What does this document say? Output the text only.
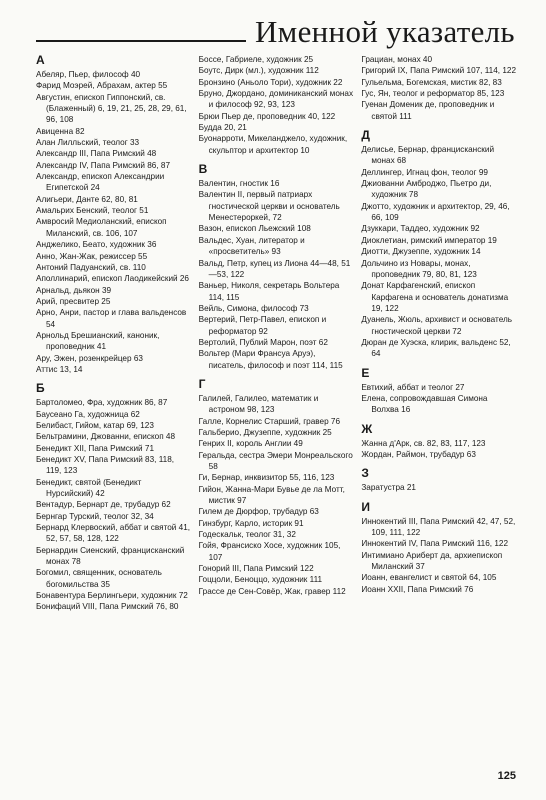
Именной указатель
А
Абеляр, Пьер, философ 40
Фарид Моэрей, Абрахам, актер 55
Августин, епископ Гиппонский, св. (Блаженный) 6, 19, 21, 25, 28, 29, 61, 96, 108
Авиценна 82
Алан Лилльский, теолог 33
Александр III, Папа Римский 48
Александр IV, Папа Римский 86, 87
Александр, епископ Александрии Египетской 24
Алигьери, Данте 62, 80, 81
Амальрих Бенский, теолог 51
Амвросий Медиоланский, епископ Миланский, св. 106, 107
Анджелико, Беато, художник 36
Анно, Жан-Жак, режиссер 55
Антоний Падуанский, св. 110
Аполлинарий, епископ Лаодикейский 26
Арнальд, дьякон 39
Арий, пресвитер 25
Арно, Анри, пастор и глава вальденсов 54
Арнольд Брешианский, каноник, проповедник 41
Ару, Эжен, розенкрейцер 63
Аттис 13, 14
Б
Бартоломео, Фра, художник 86, 87
Баусеано Га, художница 62
Белибаст, Гийом, катар 69, 123
Бельтрамини, Джованни, епископ 48
Бенедикт XII, Папа Римский 71
Бенедикт XV, Папа Римский 83, 118, 119, 123
Бенедикт, святой (Бенедикт Нурсийский) 42
Вентадур, Бернарт де, трубадур 62
Бернгар Турский, теолог 32, 34
Бернард Клервоский, аббат и святой 41, 52, 57, 58, 128, 122
Бернардин Сиенский, францисканский монах 78
Богомил, священник, основатель богомильства 35
Бонавентура Берлингьери, художник 72
Бонифаций VIII, Папа Римский 76, 80
Боссе, Габриеле, художник 25
Боутс, Дирк (мл.), художник 112
Бронзино (Аньоло Тори), художник 22
Бруно, Джордано, доминиканский монах и философ 92, 93, 123
Брюи Пьер де, проповедник 40, 122
Будда 20, 21
Буонарроти, Микеланджело, художник, скульптор и архитектор 10
В
Валентин, гностик 16
Валентин II, первый патриарх гностической церкви и основатель Менестероркей, 72
Вазон, епископ Льежский 108
Вальдес, Хуан, литератор и «просветитель» 93
Вальд, Петр, купец из Лиона 44—48, 51—53, 122
Ваньер, Николя, секретарь Вольтера 114, 115
Вейль, Симона, философ 73
Вертерий, Петр-Павел, епископ и реформатор 92
Вертолий, Публий Марон, поэт 62
Вольтер (Мари Франсуа Аруэ), писатель, философ и поэт 114, 115
Г
Галилей, Галилео, математик и астроном 98, 123
Галле, Корнелис Старший, гравер 76
Гальберио, Джузеппе, художник 25
Генрих II, король Англии 49
Геральда, сестра Эмери Монреальского 58
Ги, Бернар, инквизитор 55, 116, 123
Гийон, Жанна-Мари Бувье де ла Мотт, мистик 97
Гилем де Дюрфор, трубадур 63
Гинзбург, Карло, историк 91
Годескальк, теолог 31, 32
Гойя, Франсиско Хосе, художник 105, 107
Гонорий III, Папа Римский 122
Гоццоли, Беноццо, художник 111
Грассе де Сен-Совёр, Жак, гравер 112
Грациан, монах 40
Григорий IX, Папа Римский 107, 114, 122
Гульельма, Богемская, мистик 82, 83
Гус, Ян, теолог и реформатор 85, 123
Гуенан Доменик де, проповедник и святой 111
Д
Делисье, Бернар, францисканский монах 68
Деллингер, Игнац фон, теолог 99
Джиованни Амброджо, Пьетро ди, художник 78
Джотто, художник и архитектор, 29, 46, 66, 109
Дзуккари, Таддео, художник 92
Диоклетиан, римский император 19
Диотти, Джузеппе, художник 14
Дольчино из Новары, монах, проповедник 79, 80, 81, 123
Донат Карфагенский, епископ Карфагена и основатель донатизма 19, 122
Дуанель, Жюль, архивист и основатель гностической церкви 72
Дюран де Хуэска, клирик, вальденс 52, 64
Е
Евтихий, аббат и теолог 27
Елена, сопровождавшая Симона Волхва 16
Ж
Жанна д'Арк, св. 82, 83, 117, 123
Жордан, Раймон, трубадур 63
З
Заратустра 21
И
Иннокентий III, Папа Римский 42, 47, 52, 109, 111, 122
Иннокентий IV, Папа Римский 116, 122
Интимиано Ариберт да, архиепископ Миланский 37
Иоанн, евангелист и святой 64, 105
Иоанн XXII, Папа Римский 76
125
